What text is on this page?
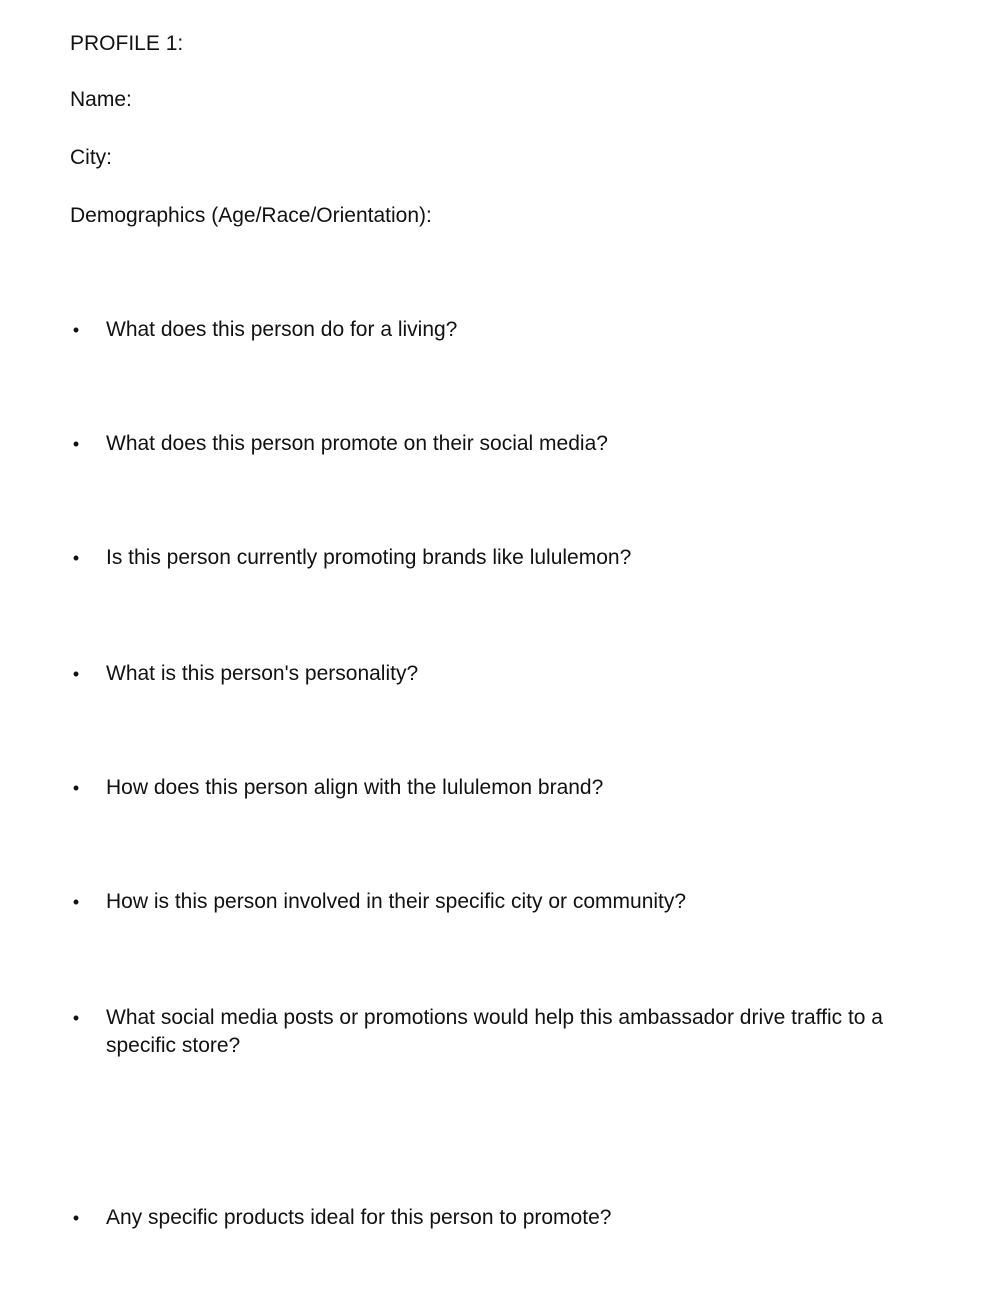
PROFILE 1:
Name:
City:
Demographics (Age/Race/Orientation):
•	What does this person do for a living?
•	What does this person promote on their social media?
•	Is this person currently promoting brands like lululemon?
•	What is this person's personality?
•	How does this person align with the lululemon brand?
•	How is this person involved in their specific city or community?
•	What social media posts or promotions would help this ambassador drive traffic to a specific store?
•	Any specific products ideal for this person to promote?
